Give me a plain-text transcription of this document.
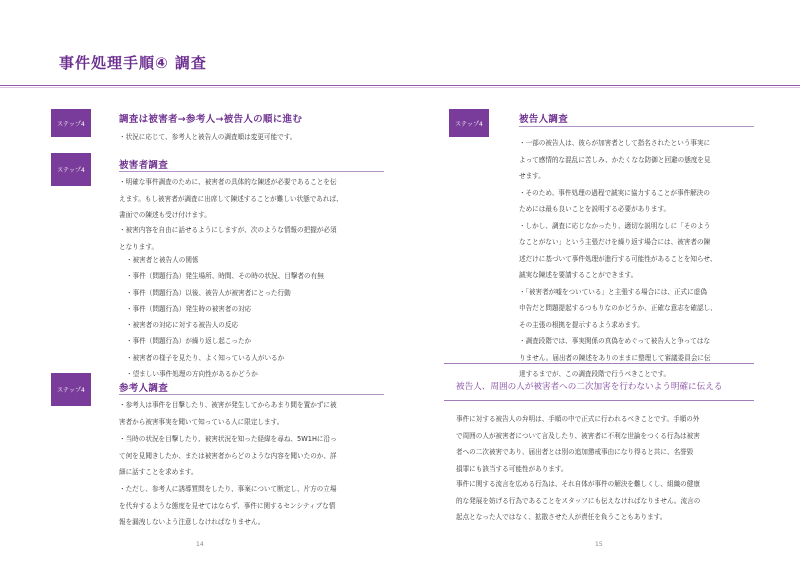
事件処理手順④ 調査
ステップ4	調査は被害者→参考人→被告人の順に進む

・状況に応じて、参考人と被告人の調査順は変更可能です。

ステップ4	被害者調査

・明確な事件調査のために、被害者の具体的な陳述が必要であることを伝

えます。もし被害者が調査に出席して陳述することが難しい状態であれば、

書面での陳述も受け付けます。

・被害内容を自由に話せるようにしますが、次のような情報の把握が必須

となります。

・被害者と被告人の関係
・事件（問題行為）発生場所、時間、その時の状況、目撃者の有無
・事件（問題行為）以後、被告人が被害者にとった行動
・事件（問題行為）発生時の被害者の対応
・被害者の対応に対する被告人の反応
・事件（問題行為）が繰り返し起こったか
・被害者の様子を見たり、よく知っている人がいるか
・望ましい事件処理の方向性があるかどうか
ステップ4	参考人調査

・参考人は事件を目撃したり、被害が発生してからあまり間を置かずに被

害者から被害事実を聞いて知っている人に限定します。

・当時の状況を目撃したり、被害状況を知った経緯を尋ね、5W1Hに沿っ

て何を見聞きしたか、または被害者からどのような内容を聞いたのか、詳

細に話すことを求めます。

・ただし、参考人に誘導質問をしたり、事案について断定し、片方の立場

を代弁するような態度を見せてはならず、事件に関するセンシティブな情

報を漏洩しないよう注意しなければなりません。

14
ステップ4	被告人調査

・一部の被告人は、彼らが加害者として指名されたという事実に

よって感情的な混乱に苦しみ、かたくなな防御と回避の態度を見

せます。

・そのため、事件処理の過程で誠実に協力することが事件解決の

ためには最も良いことを説明する必要があります。

・しかし、調査に応じなかったり、適切な説明なしに「そのよう

なことがない」という主張だけを繰り返す場合には、被害者の陳

述だけに基づいて事件処理が進行する可能性があることを知らせ、

誠実な陳述を要請することができます。

・「被害者が嘘をついている」と主張する場合には、正式に虚偽

申告だと問題提起するつもりなのかどうか、正確な意志を確認し、

その主張の根拠を提示するよう求めます。

・調査段階では、事実関係の真偽をめぐって被告人と争ってはな

りません。届出者の陳述をありのままに整理して審議委員会に伝

達するまでが、この調査段階で行うべきことです。

被告人、周囲の人が被害者への二次加害を行わないよう明確に伝える

事件に対する被告人の弁明は、手順の中で正式に行われるべきことです。手順の外

で周囲の人が被害者について言及したり、被害者に不利な世論をつくる行為は被害

者への二次被害であり、届出者とは別の追加懲戒事由になり得ると共に、名誉毀

損罪にも該当する可能性があります。

事件に関する流言を広める行為は、それ自体が事件の解決を難しくし、組織の健康

的な発展を妨げる行為であることをスタッフにも伝えなければなりません。流言の

起点となった人ではなく、拡散させた人が責任を負うこともあります。

15
